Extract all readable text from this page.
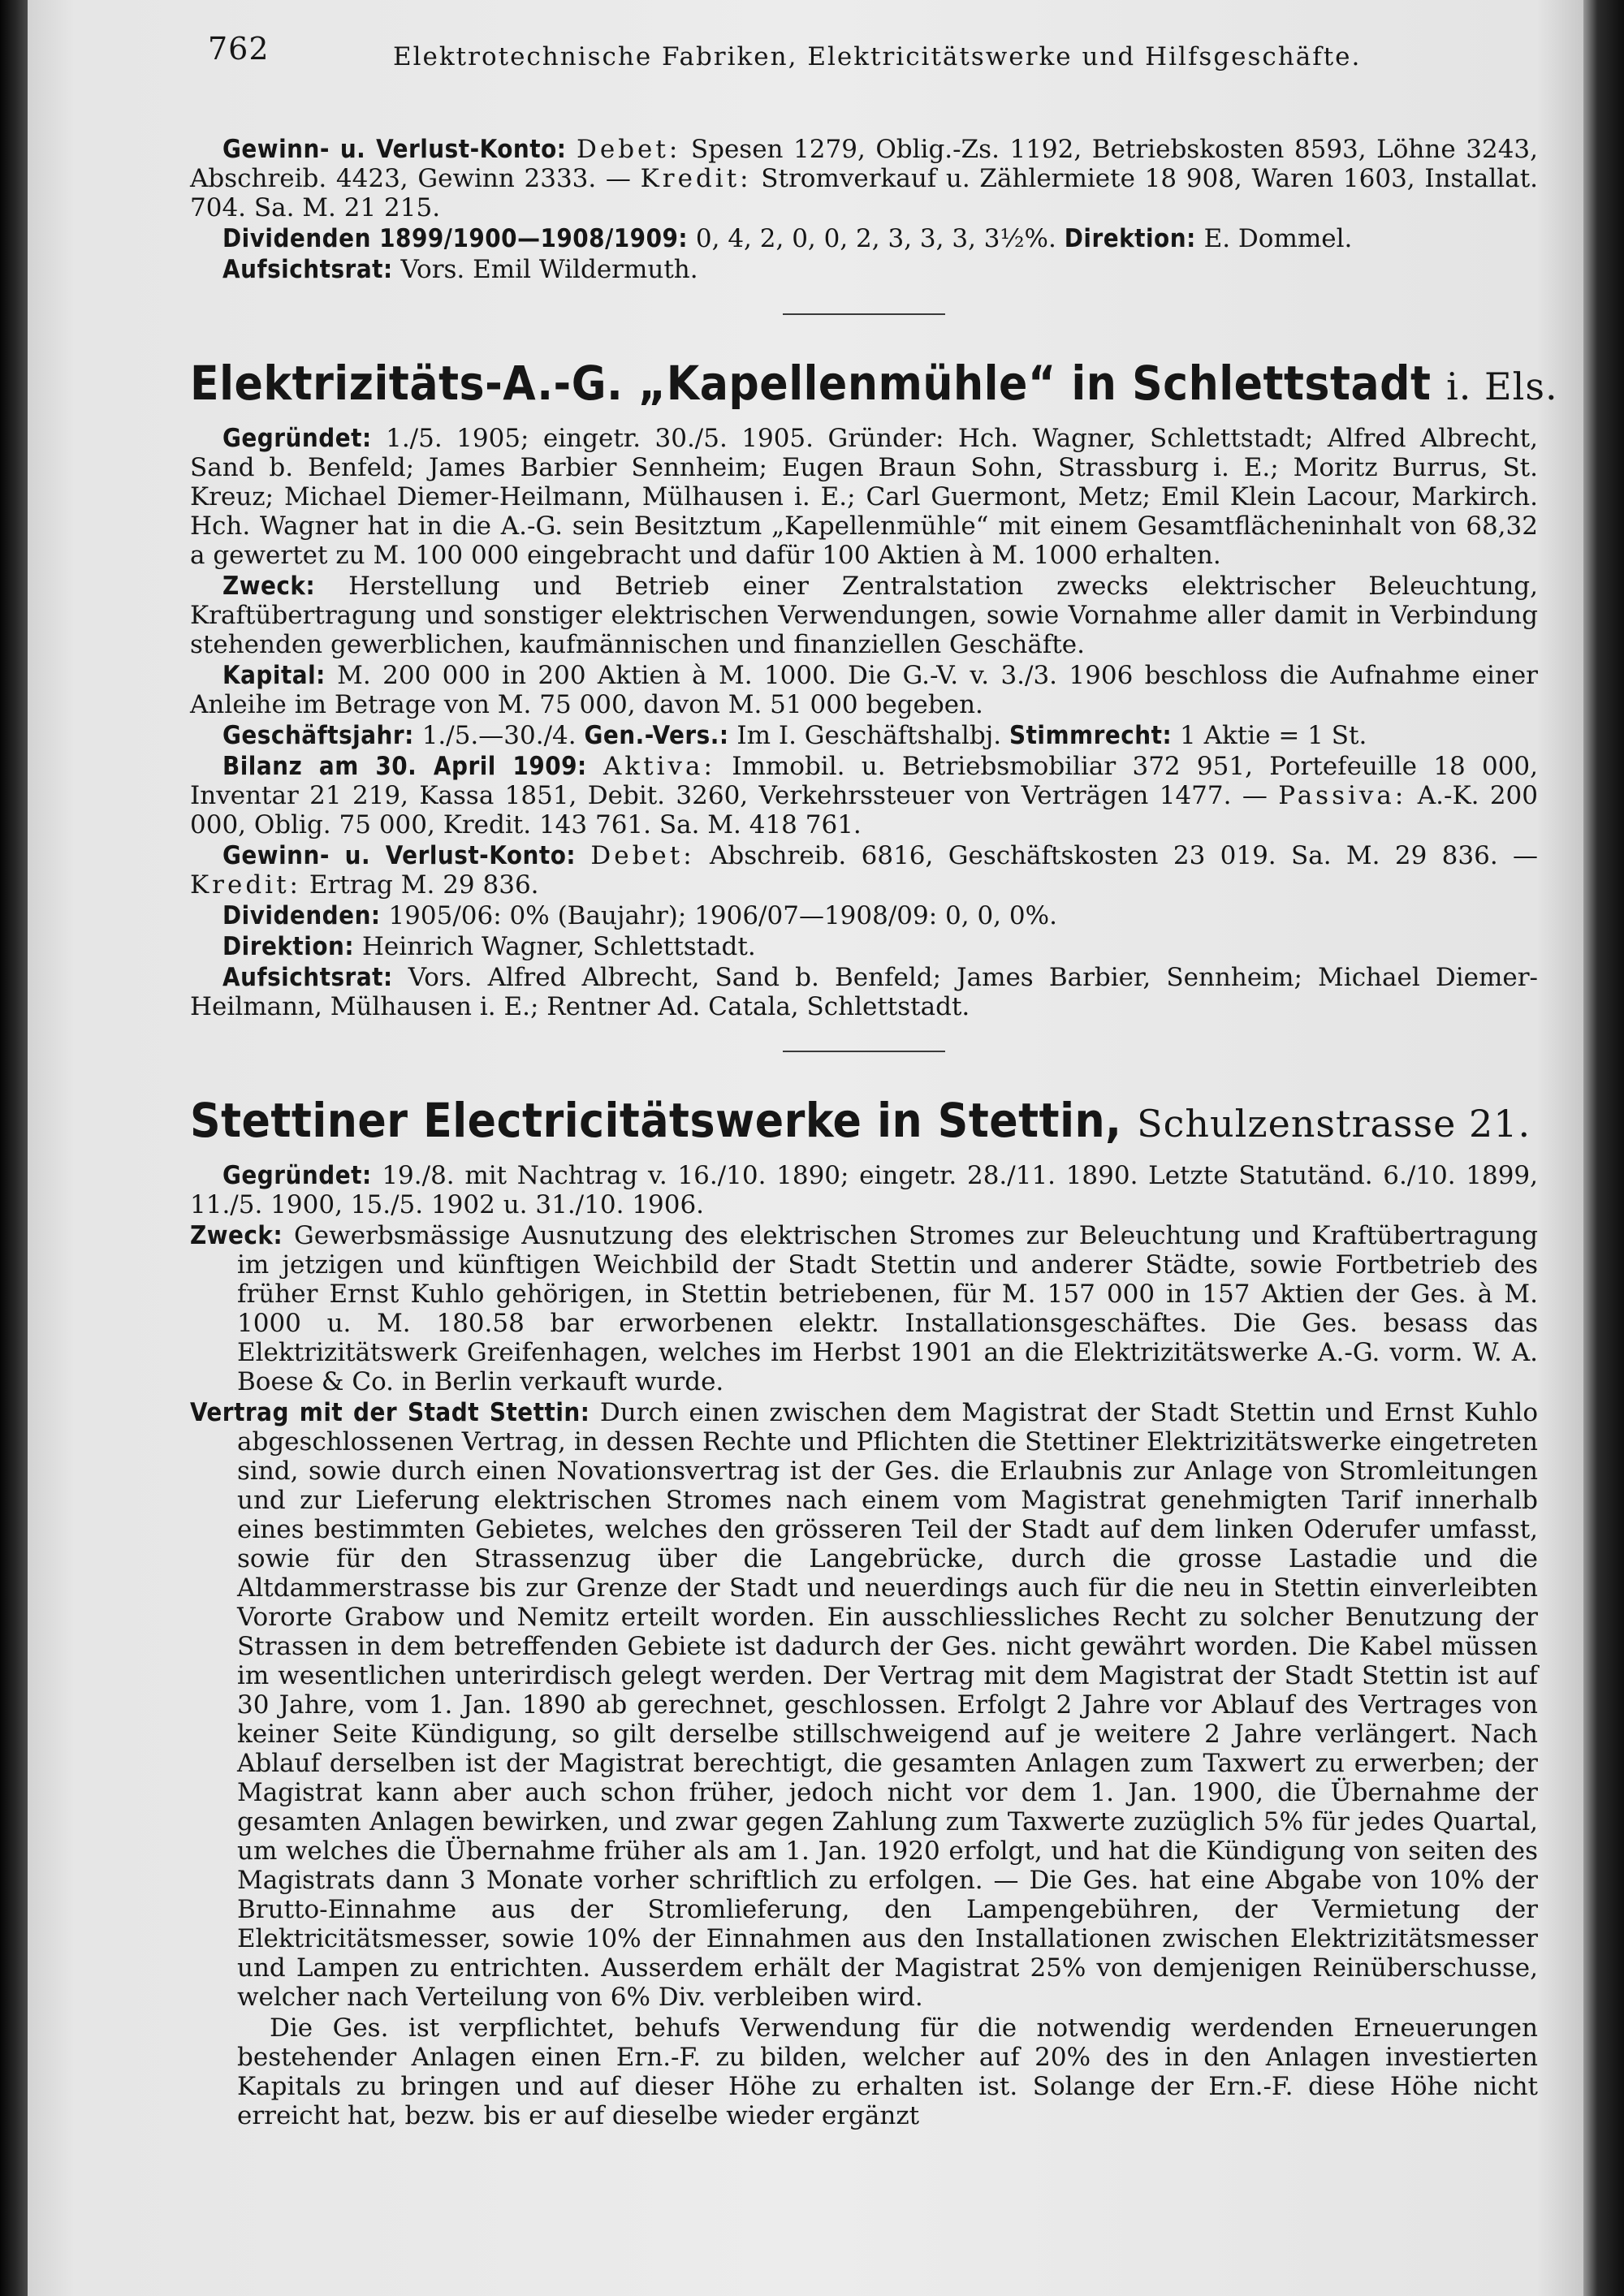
762	Elektrotechnische Fabriken, Elektricitätswerke und Hilfsgeschäfte.

Gewinn- u. Verlust-Konto: Debet: Spesen 1279, Oblig.-Zs. 1192, Betriebskosten 8593, Löhne 3243, Abschreib. 4423, Gewinn 2333. — Kredit: Stromverkauf u. Zählermiete 18 908, Waren 1603, Installat. 704. Sa. M. 21 215.

Dividenden 1899/1900—1908/1909: 0, 4, 2, 0, 0, 2, 3, 3, 3, 3½%. Direktion: E. Dommel.

Aufsichtsrat: Vors. Emil Wildermuth.

Elektrizitäts-A.-G. „Kapellenmühle“ in Schlettstadt i. Els.

Gegründet: 1./5. 1905; eingetr. 30./5. 1905. Gründer: Hch. Wagner, Schlettstadt; Alfred Albrecht, Sand b. Benfeld; James Barbier Sennheim; Eugen Braun Sohn, Strassburg i. E.; Moritz Burrus, St. Kreuz; Michael Diemer-Heilmann, Mülhausen i. E.; Carl Guermont, Metz; Emil Klein Lacour, Markirch. Hch. Wagner hat in die A.-G. sein Besitztum „Kapellenmühle“ mit einem Gesamtflächeninhalt von 68,32 a gewertet zu M. 100 000 eingebracht und dafür 100 Aktien à M. 1000 erhalten.

Zweck: Herstellung und Betrieb einer Zentralstation zwecks elektrischer Beleuchtung, Kraftübertragung und sonstiger elektrischen Verwendungen, sowie Vornahme aller damit in Verbindung stehenden gewerblichen, kaufmännischen und finanziellen Geschäfte.

Kapital: M. 200 000 in 200 Aktien à M. 1000. Die G.-V. v. 3./3. 1906 beschloss die Aufnahme einer Anleihe im Betrage von M. 75 000, davon M. 51 000 begeben.

Geschäftsjahr: 1./5.—30./4. Gen.-Vers.: Im I. Geschäftshalbj. Stimmrecht: 1 Aktie = 1 St.

Bilanz am 30. April 1909: Aktiva: Immobil. u. Betriebsmobiliar 372 951, Portefeuille 18 000, Inventar 21 219, Kassa 1851, Debit. 3260, Verkehrssteuer von Verträgen 1477. — Passiva: A.-K. 200 000, Oblig. 75 000, Kredit. 143 761. Sa. M. 418 761.

Gewinn- u. Verlust-Konto: Debet: Abschreib. 6816, Geschäftskosten 23 019. Sa. M. 29 836. — Kredit: Ertrag M. 29 836.

Dividenden: 1905/06: 0% (Baujahr); 1906/07—1908/09: 0, 0, 0%.

Direktion: Heinrich Wagner, Schlettstadt.

Aufsichtsrat: Vors. Alfred Albrecht, Sand b. Benfeld; James Barbier, Sennheim; Michael Diemer-Heilmann, Mülhausen i. E.; Rentner Ad. Catala, Schlettstadt.

Stettiner Electricitätswerke in Stettin, Schulzenstrasse 21.

Gegründet: 19./8. mit Nachtrag v. 16./10. 1890; eingetr. 28./11. 1890. Letzte Statutänd. 6./10. 1899, 11./5. 1900, 15./5. 1902 u. 31./10. 1906.

Zweck: Gewerbsmässige Ausnutzung des elektrischen Stromes zur Beleuchtung und Kraftübertragung im jetzigen und künftigen Weichbild der Stadt Stettin und anderer Städte, sowie Fortbetrieb des früher Ernst Kuhlo gehörigen, in Stettin betriebenen, für M. 157 000 in 157 Aktien der Ges. à M. 1000 u. M. 180.58 bar erworbenen elektr. Installationsgeschäftes. Die Ges. besass das Elektrizitätswerk Greifenhagen, welches im Herbst 1901 an die Elektrizitätswerke A.-G. vorm. W. A. Boese & Co. in Berlin verkauft wurde.

Vertrag mit der Stadt Stettin: Durch einen zwischen dem Magistrat der Stadt Stettin und Ernst Kuhlo abgeschlossenen Vertrag, in dessen Rechte und Pflichten die Stettiner Elektrizitätswerke eingetreten sind, sowie durch einen Novationsvertrag ist der Ges. die Erlaubnis zur Anlage von Stromleitungen und zur Lieferung elektrischen Stromes nach einem vom Magistrat genehmigten Tarif innerhalb eines bestimmten Gebietes, welches den grösseren Teil der Stadt auf dem linken Oderufer umfasst, sowie für den Strassenzug über die Langebrücke, durch die grosse Lastadie und die Altdammerstrasse bis zur Grenze der Stadt und neuerdings auch für die neu in Stettin einverleibten Vororte Grabow und Nemitz erteilt worden. Ein ausschliessliches Recht zu solcher Benutzung der Strassen in dem betreffenden Gebiete ist dadurch der Ges. nicht gewährt worden. Die Kabel müssen im wesentlichen unterirdisch gelegt werden. Der Vertrag mit dem Magistrat der Stadt Stettin ist auf 30 Jahre, vom 1. Jan. 1890 ab gerechnet, geschlossen. Erfolgt 2 Jahre vor Ablauf des Vertrages von keiner Seite Kündigung, so gilt derselbe stillschweigend auf je weitere 2 Jahre verlängert. Nach Ablauf derselben ist der Magistrat berechtigt, die gesamten Anlagen zum Taxwert zu erwerben; der Magistrat kann aber auch schon früher, jedoch nicht vor dem 1. Jan. 1900, die Übernahme der gesamten Anlagen bewirken, und zwar gegen Zahlung zum Taxwerte zuzüglich 5% für jedes Quartal, um welches die Übernahme früher als am 1. Jan. 1920 erfolgt, und hat die Kündigung von seiten des Magistrats dann 3 Monate vorher schriftlich zu erfolgen. — Die Ges. hat eine Abgabe von 10% der Brutto-Einnahme aus der Stromlieferung, den Lampengebühren, der Vermietung der Elektricitätsmesser, sowie 10% der Einnahmen aus den Installationen zwischen Elektrizitätsmesser und Lampen zu entrichten. Ausserdem erhält der Magistrat 25% von demjenigen Reinüberschusse, welcher nach Verteilung von 6% Div. verbleiben wird.

Die Ges. ist verpflichtet, behufs Verwendung für die notwendig werdenden Erneuerungen bestehender Anlagen einen Ern.-F. zu bilden, welcher auf 20% des in den Anlagen investierten Kapitals zu bringen und auf dieser Höhe zu erhalten ist. Solange der Ern.-F. diese Höhe nicht erreicht hat, bezw. bis er auf dieselbe wieder ergänzt
